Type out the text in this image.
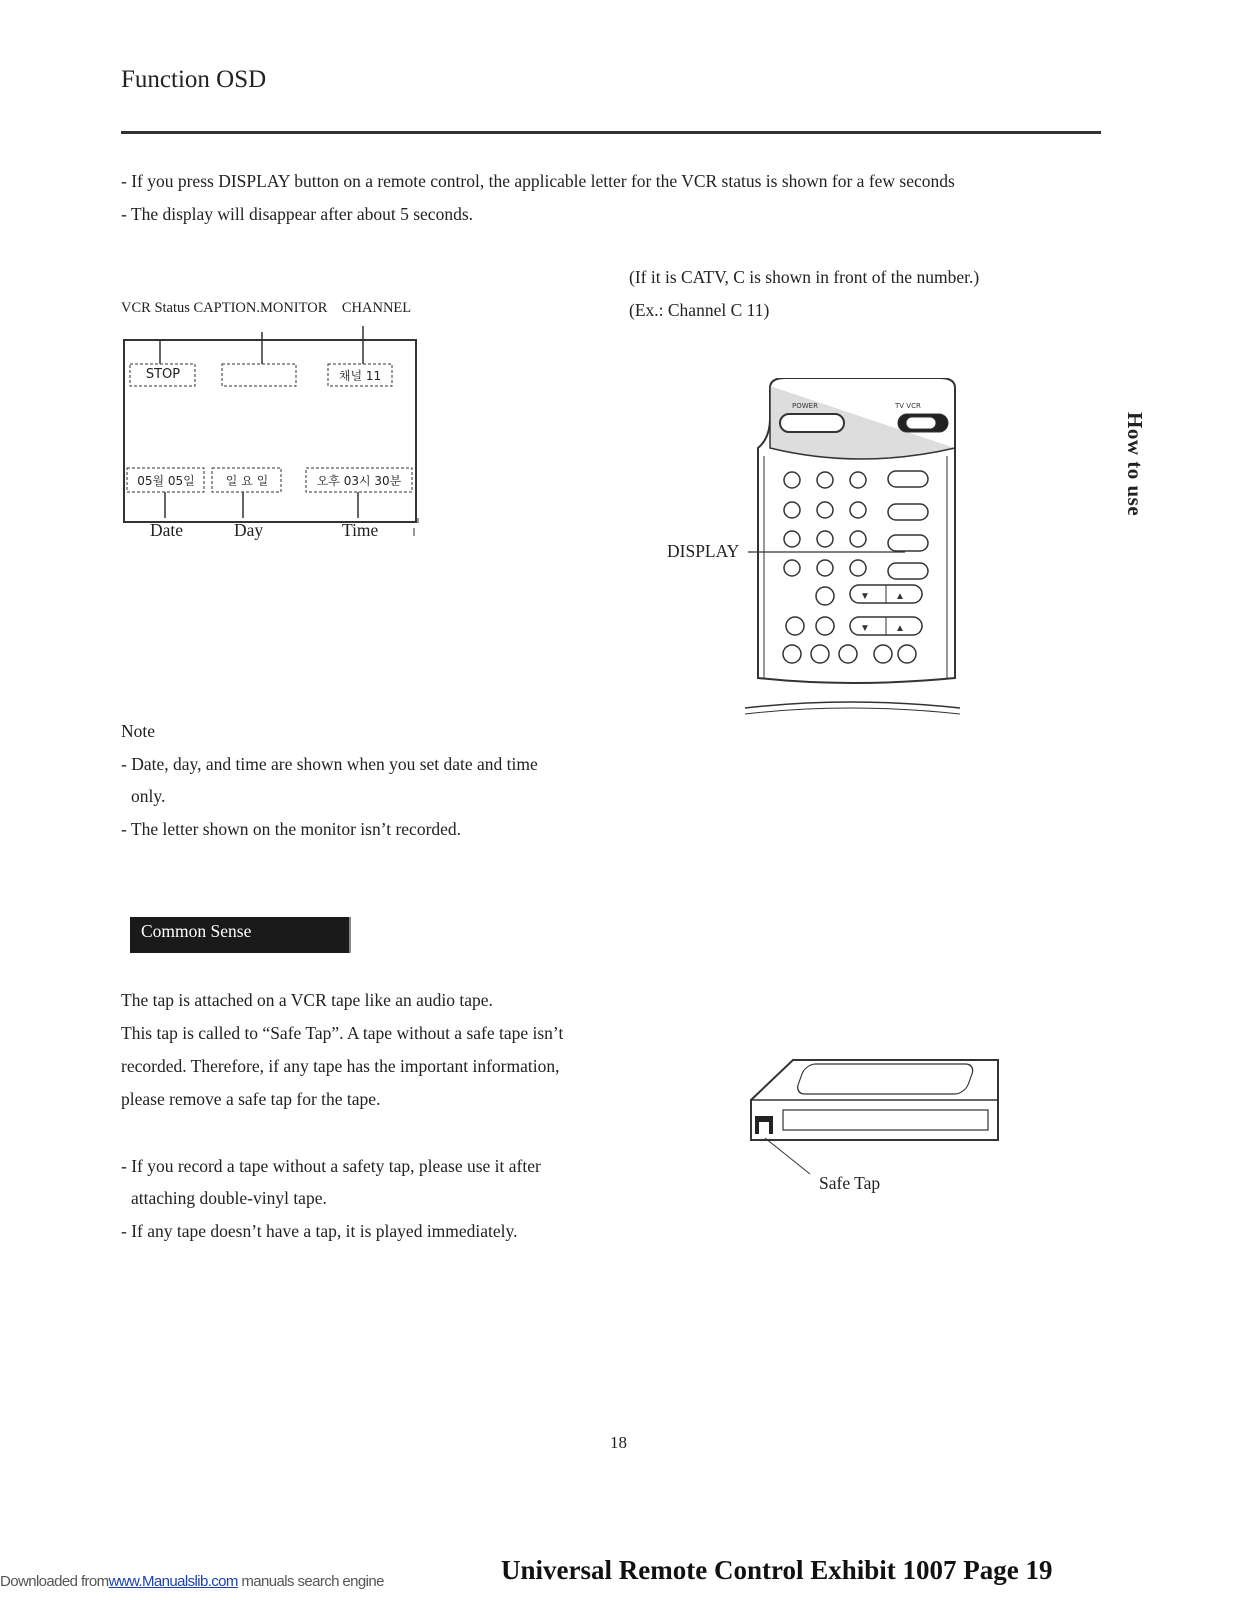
Function OSD
How to use
- If you press DISPLAY button on a remote control, the applicable letter for the VCR status is shown for a few seconds
- The display will disappear after about 5 seconds.
VCR Status CAPTION.MONITOR    CHANNEL
STOP	채널 11
05월 05일	일 요 일	오후 03시 30분
Date	Day	Time
(If it is CATV, C is shown in front of the number.)
(Ex.: Channel C 11)
DISPLAY
POWER	TV VCR
▼	▲
▼	▲
Note
- Date, day, and time are shown when you set date and time
only.
- The letter shown on the monitor isn’t recorded.
Common Sense
The tap is attached on a VCR tape like an audio tape.
This tap is called to “Safe Tap”. A tape without a safe tape isn’t
recorded. Therefore, if any tape has the important information,
please remove a safe tap for the tape.
- If you record a tape without a safety tap, please use it after
attaching double-vinyl tape.
- If any tape doesn’t have a tap, it is played immediately.
Safe Tap
18
Downloaded fromwww.Manualslib.com manuals search engine	Universal Remote Control Exhibit 1007 Page 19
